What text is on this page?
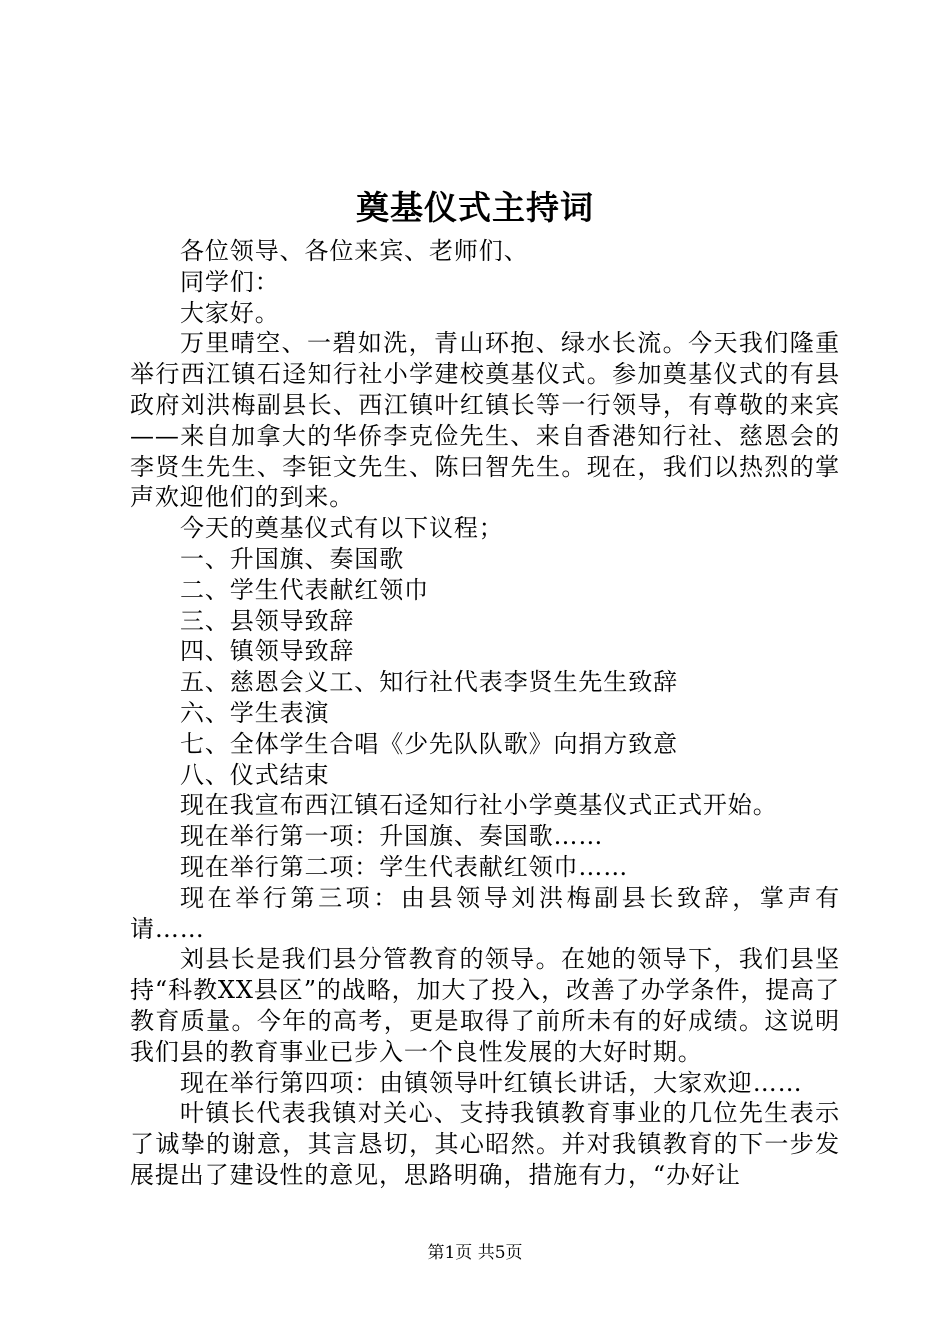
奠基仪式主持词

各位领导、各位来宾、老师们、

同学们：

大家好。

万里晴空、一碧如洗，青山环抱、绿水长流。今天我们隆重举行西江镇石迳知行社小学建校奠基仪式。参加奠基仪式的有县政府刘洪梅副县长、西江镇叶红镇长等一行领导，有尊敬的来宾——来自加拿大的华侨李克俭先生、来自香港知行社、慈恩会的李贤生先生、李钜文先生、陈曰智先生。现在，我们以热烈的掌声欢迎他们的到来。

今天的奠基仪式有以下议程；

一、升国旗、奏国歌

二、学生代表献红领巾

三、县领导致辞

四、镇领导致辞

五、慈恩会义工、知行社代表李贤生先生致辞

六、学生表演

七、全体学生合唱《少先队队歌》向捐方致意

八、仪式结束

现在我宣布西江镇石迳知行社小学奠基仪式正式开始。

现在举行第一项：升国旗、奏国歌……

现在举行第二项：学生代表献红领巾……

现在举行第三项：由县领导刘洪梅副县长致辞，掌声有请……

刘县长是我们县分管教育的领导。在她的领导下，我们县坚持“科教XX县区”的战略，加大了投入，改善了办学条件，提高了教育质量。今年的高考，更是取得了前所未有的好成绩。这说明我们县的教育事业已步入一个良性发展的大好时期。

现在举行第四项：由镇领导叶红镇长讲话，大家欢迎……

叶镇长代表我镇对关心、支持我镇教育事业的几位先生表示了诚挚的谢意，其言恳切，其心昭然。并对我镇教育的下一步发展提出了建设性的意见，思路明确，措施有力，“办好让

第1页 共5页
